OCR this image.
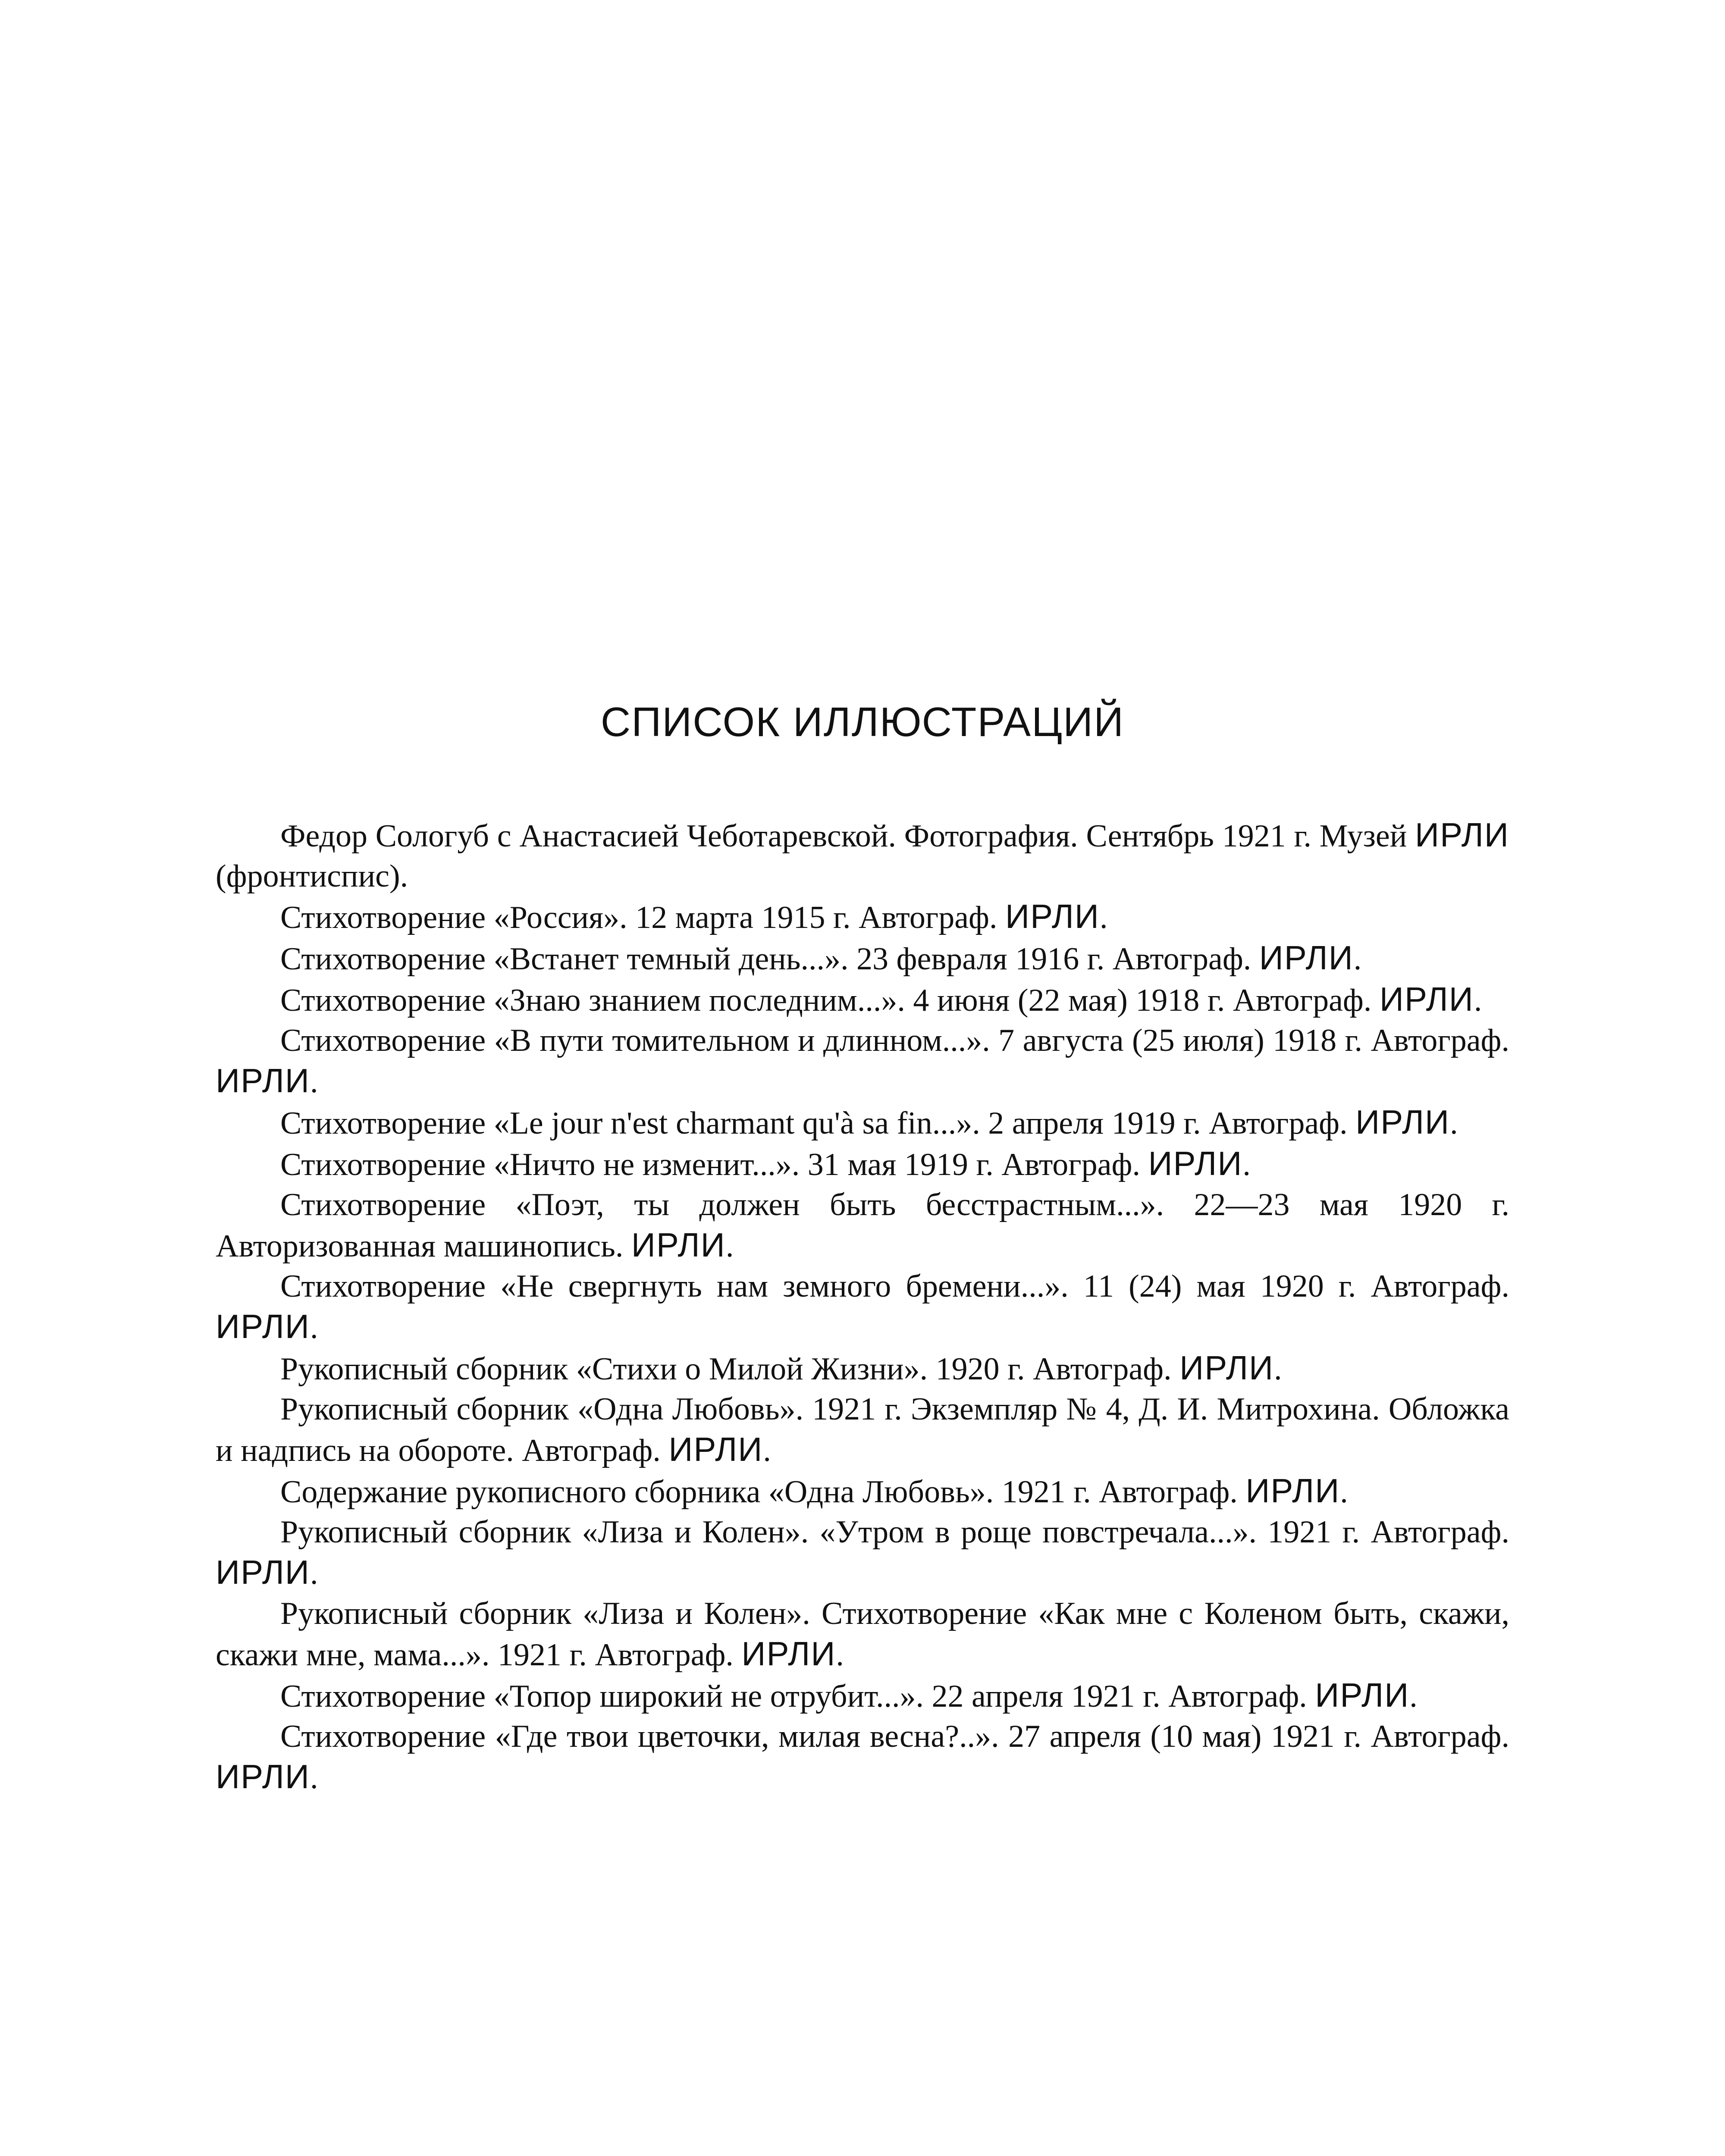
СПИСОК ИЛЛЮСТРАЦИЙ

Федор Сологуб с Анастасией Чеботаревской. Фотография. Сентябрь 1921 г. Музей ИРЛИ (фронтиспис).

Стихотворение «Россия». 12 марта 1915 г. Автограф. ИРЛИ.

Стихотворение «Встанет темный день...». 23 февраля 1916 г. Автограф. ИРЛИ.

Стихотворение «Знаю знанием последним...». 4 июня (22 мая) 1918 г. Автограф. ИРЛИ.

Стихотворение «В пути томительном и длинном...». 7 августа (25 июля) 1918 г. Автограф. ИРЛИ.

Стихотворение «Le jour n'est charmant qu'à sa fin...». 2 апреля 1919 г. Автограф. ИРЛИ.

Стихотворение «Ничто не изменит...». 31 мая 1919 г. Автограф. ИРЛИ.

Стихотворение «Поэт, ты должен быть бесстрастным...». 22—23 мая 1920 г. Авторизованная машинопись. ИРЛИ.

Стихотворение «Не свергнуть нам земного бремени...». 11 (24) мая 1920 г. Автограф. ИРЛИ.

Рукописный сборник «Стихи о Милой Жизни». 1920 г. Автограф. ИРЛИ.

Рукописный сборник «Одна Любовь». 1921 г. Экземпляр № 4, Д. И. Митрохина. Обложка и надпись на обороте. Автограф. ИРЛИ.

Содержание рукописного сборника «Одна Любовь». 1921 г. Автограф. ИРЛИ.

Рукописный сборник «Лиза и Колен». «Утром в роще повстречала...». 1921 г. Автограф. ИРЛИ.

Рукописный сборник «Лиза и Колен». Стихотворение «Как мне с Коленом быть, скажи, скажи мне, мама...». 1921 г. Автограф. ИРЛИ.

Стихотворение «Топор широкий не отрубит...». 22 апреля 1921 г. Автограф. ИРЛИ.

Стихотворение «Где твои цветочки, милая весна?..». 27 апреля (10 мая) 1921 г. Автограф. ИРЛИ.
